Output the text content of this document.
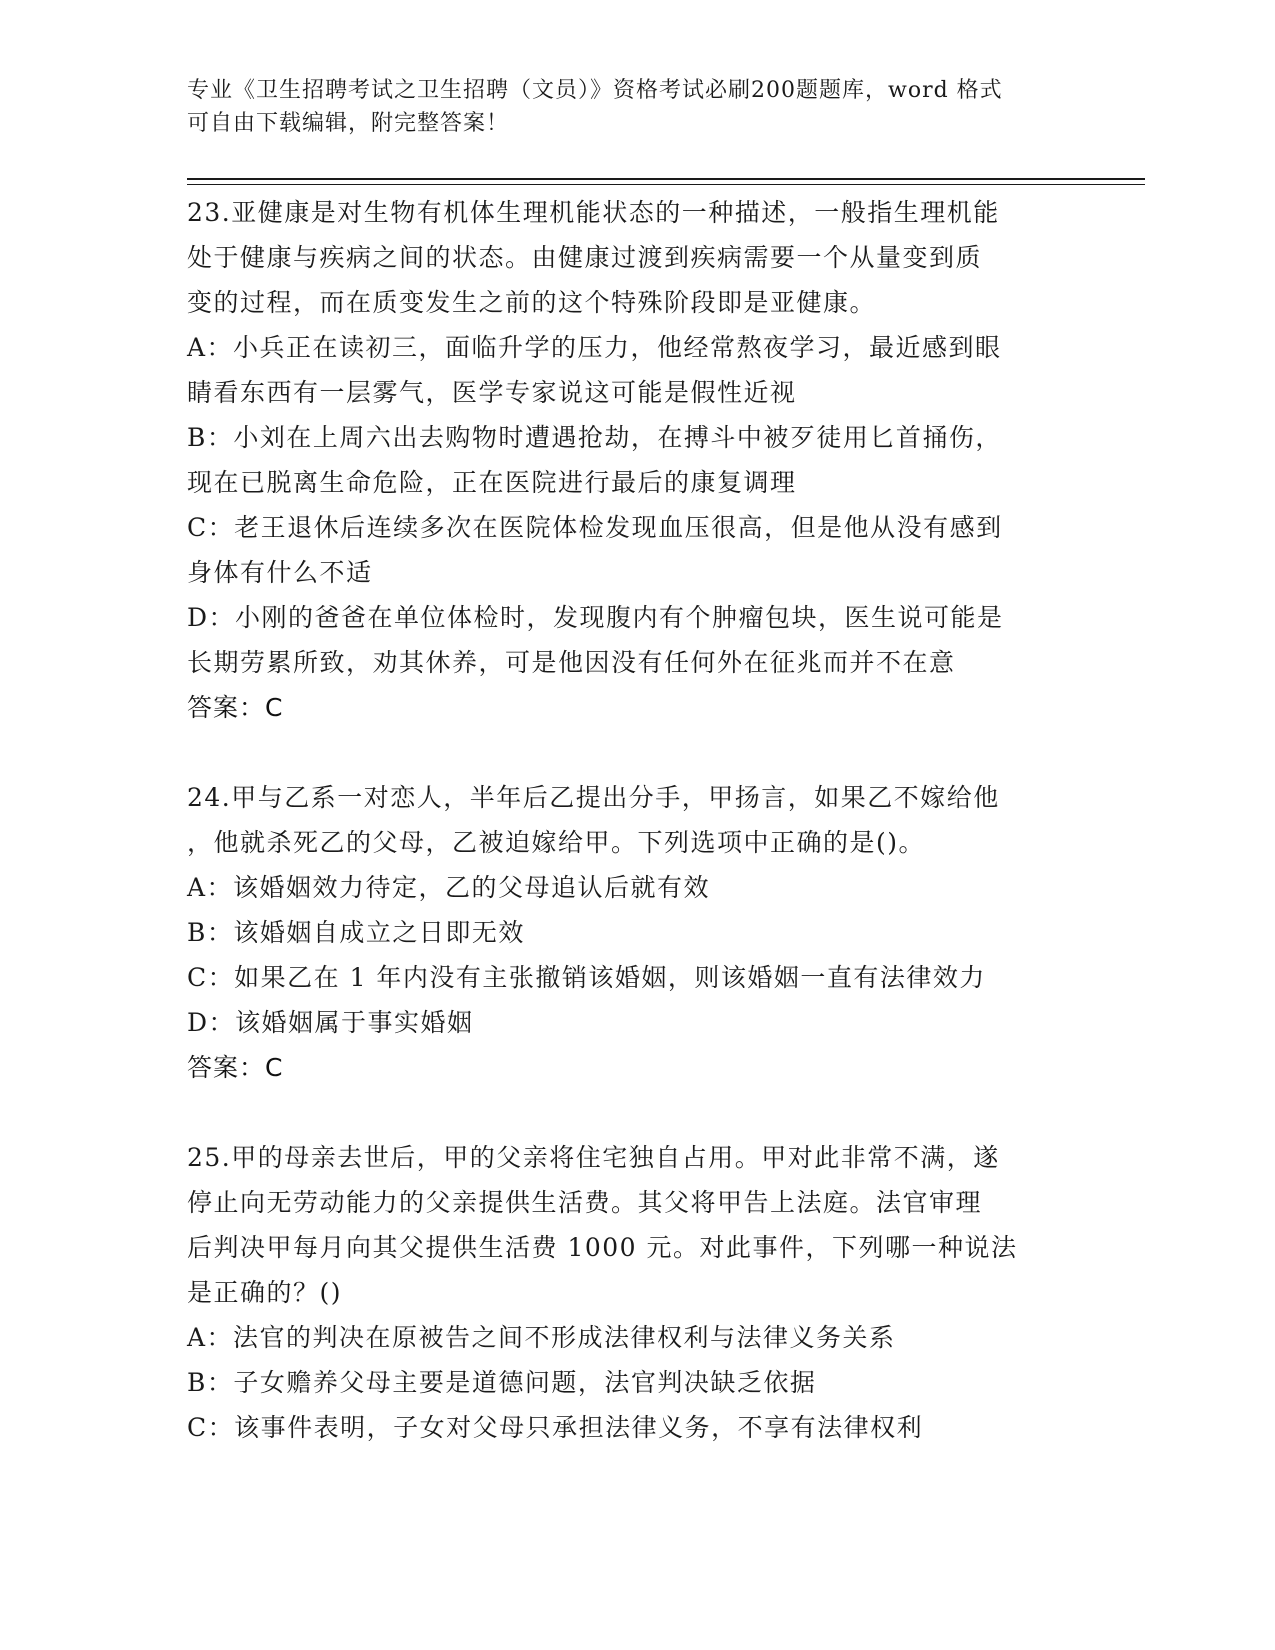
专业《卫生招聘考试之卫生招聘（文员）》资格考试必刷200题题库，word 格式
可自由下载编辑，附完整答案！
23.亚健康是对生物有机体生理机能状态的一种描述，一般指生理机能
处于健康与疾病之间的状态。由健康过渡到疾病需要一个从量变到质
变的过程，而在质变发生之前的这个特殊阶段即是亚健康。
A：小兵正在读初三，面临升学的压力，他经常熬夜学习，最近感到眼
睛看东西有一层雾气，医学专家说这可能是假性近视
B：小刘在上周六出去购物时遭遇抢劫，在搏斗中被歹徒用匕首捅伤，
现在已脱离生命危险，正在医院进行最后的康复调理
C：老王退休后连续多次在医院体检发现血压很高，但是他从没有感到
身体有什么不适
D：小刚的爸爸在单位体检时，发现腹内有个肿瘤包块，医生说可能是
长期劳累所致，劝其休养，可是他因没有任何外在征兆而并不在意
答案：C
24.甲与乙系一对恋人，半年后乙提出分手，甲扬言，如果乙不嫁给他
，他就杀死乙的父母，乙被迫嫁给甲。下列选项中正确的是()。
A：该婚姻效力待定，乙的父母追认后就有效
B：该婚姻自成立之日即无效
C：如果乙在 1 年内没有主张撤销该婚姻，则该婚姻一直有法律效力
D：该婚姻属于事实婚姻
答案：C
25.甲的母亲去世后，甲的父亲将住宅独自占用。甲对此非常不满，遂
停止向无劳动能力的父亲提供生活费。其父将甲告上法庭。法官审理
后判决甲每月向其父提供生活费 1000 元。对此事件，下列哪一种说法
是正确的？()
A：法官的判决在原被告之间不形成法律权利与法律义务关系
B：子女赡养父母主要是道德问题，法官判决缺乏依据
C：该事件表明，子女对父母只承担法律义务，不享有法律权利
